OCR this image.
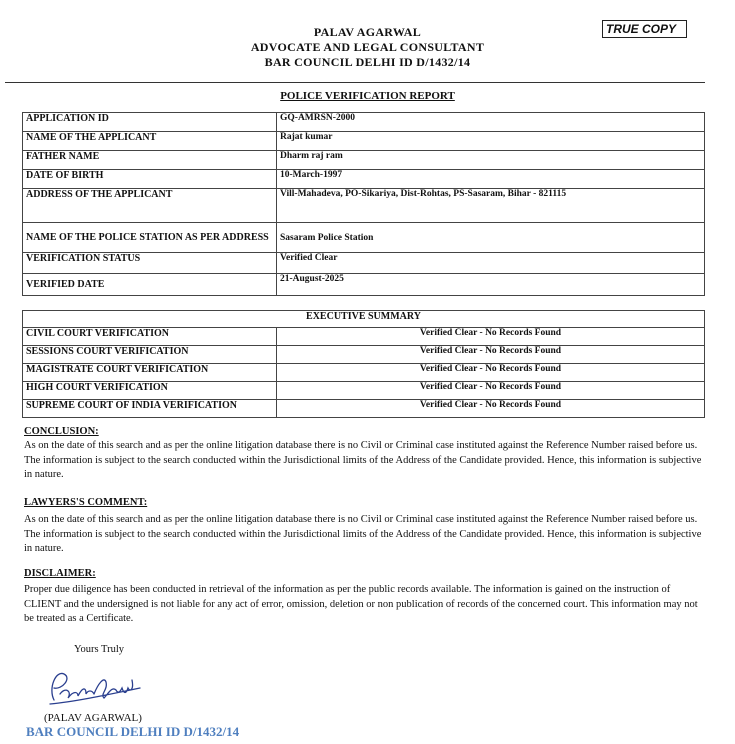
PALAV AGARWAL
ADVOCATE AND LEGAL CONSULTANT
BAR COUNCIL DELHI ID D/1432/14
TRUE COPY
POLICE VERIFICATION REPORT
APPLICATION ID	GQ-AMRSN-2000
NAME OF THE APPLICANT	Rajat kumar
FATHER NAME	Dharm raj ram
DATE OF BIRTH	10-March-1997
ADDRESS OF THE APPLICANT	Vill-Mahadeva, PO-Sikariya, Dist-Rohtas, PS-Sasaram, Bihar - 821115
NAME OF THE POLICE STATION AS PER ADDRESS	Sasaram Police Station
VERIFICATION STATUS	Verified Clear
VERIFIED DATE	21-August-2025
EXECUTIVE SUMMARY	
CIVIL COURT VERIFICATION	Verified Clear - No Records Found
SESSIONS COURT VERIFICATION	Verified Clear - No Records Found
MAGISTRATE COURT VERIFICATION	Verified Clear - No Records Found
HIGH COURT VERIFICATION	Verified Clear - No Records Found
SUPREME COURT OF INDIA VERIFICATION	Verified Clear - No Records Found
CONCLUSION:
As on the date of this search and as per the online litigation database there is no Civil or Criminal case instituted against the Reference Number raised before us. The information is subject to the search conducted within the Jurisdictional limits of the Address of the Candidate provided. Hence, this information is subjective in nature.
LAWYERS'S COMMENT:
As on the date of this search and as per the online litigation database there is no Civil or Criminal case instituted against the Reference Number raised before us. The information is subject to the search conducted within the Jurisdictional limits of the Address of the Candidate provided. Hence, this information is subjective in nature.
DISCLAIMER:
Proper due diligence has been conducted in retrieval of the information as per the public records available. The information is gained on the instruction of CLIENT and the undersigned is not liable for any act of error, omission, deletion or non publication of records of the concerned court. This information may not be treated as a Certificate.
Yours Truly
(PALAV AGARWAL)
BAR COUNCIL DELHI ID D/1432/14
